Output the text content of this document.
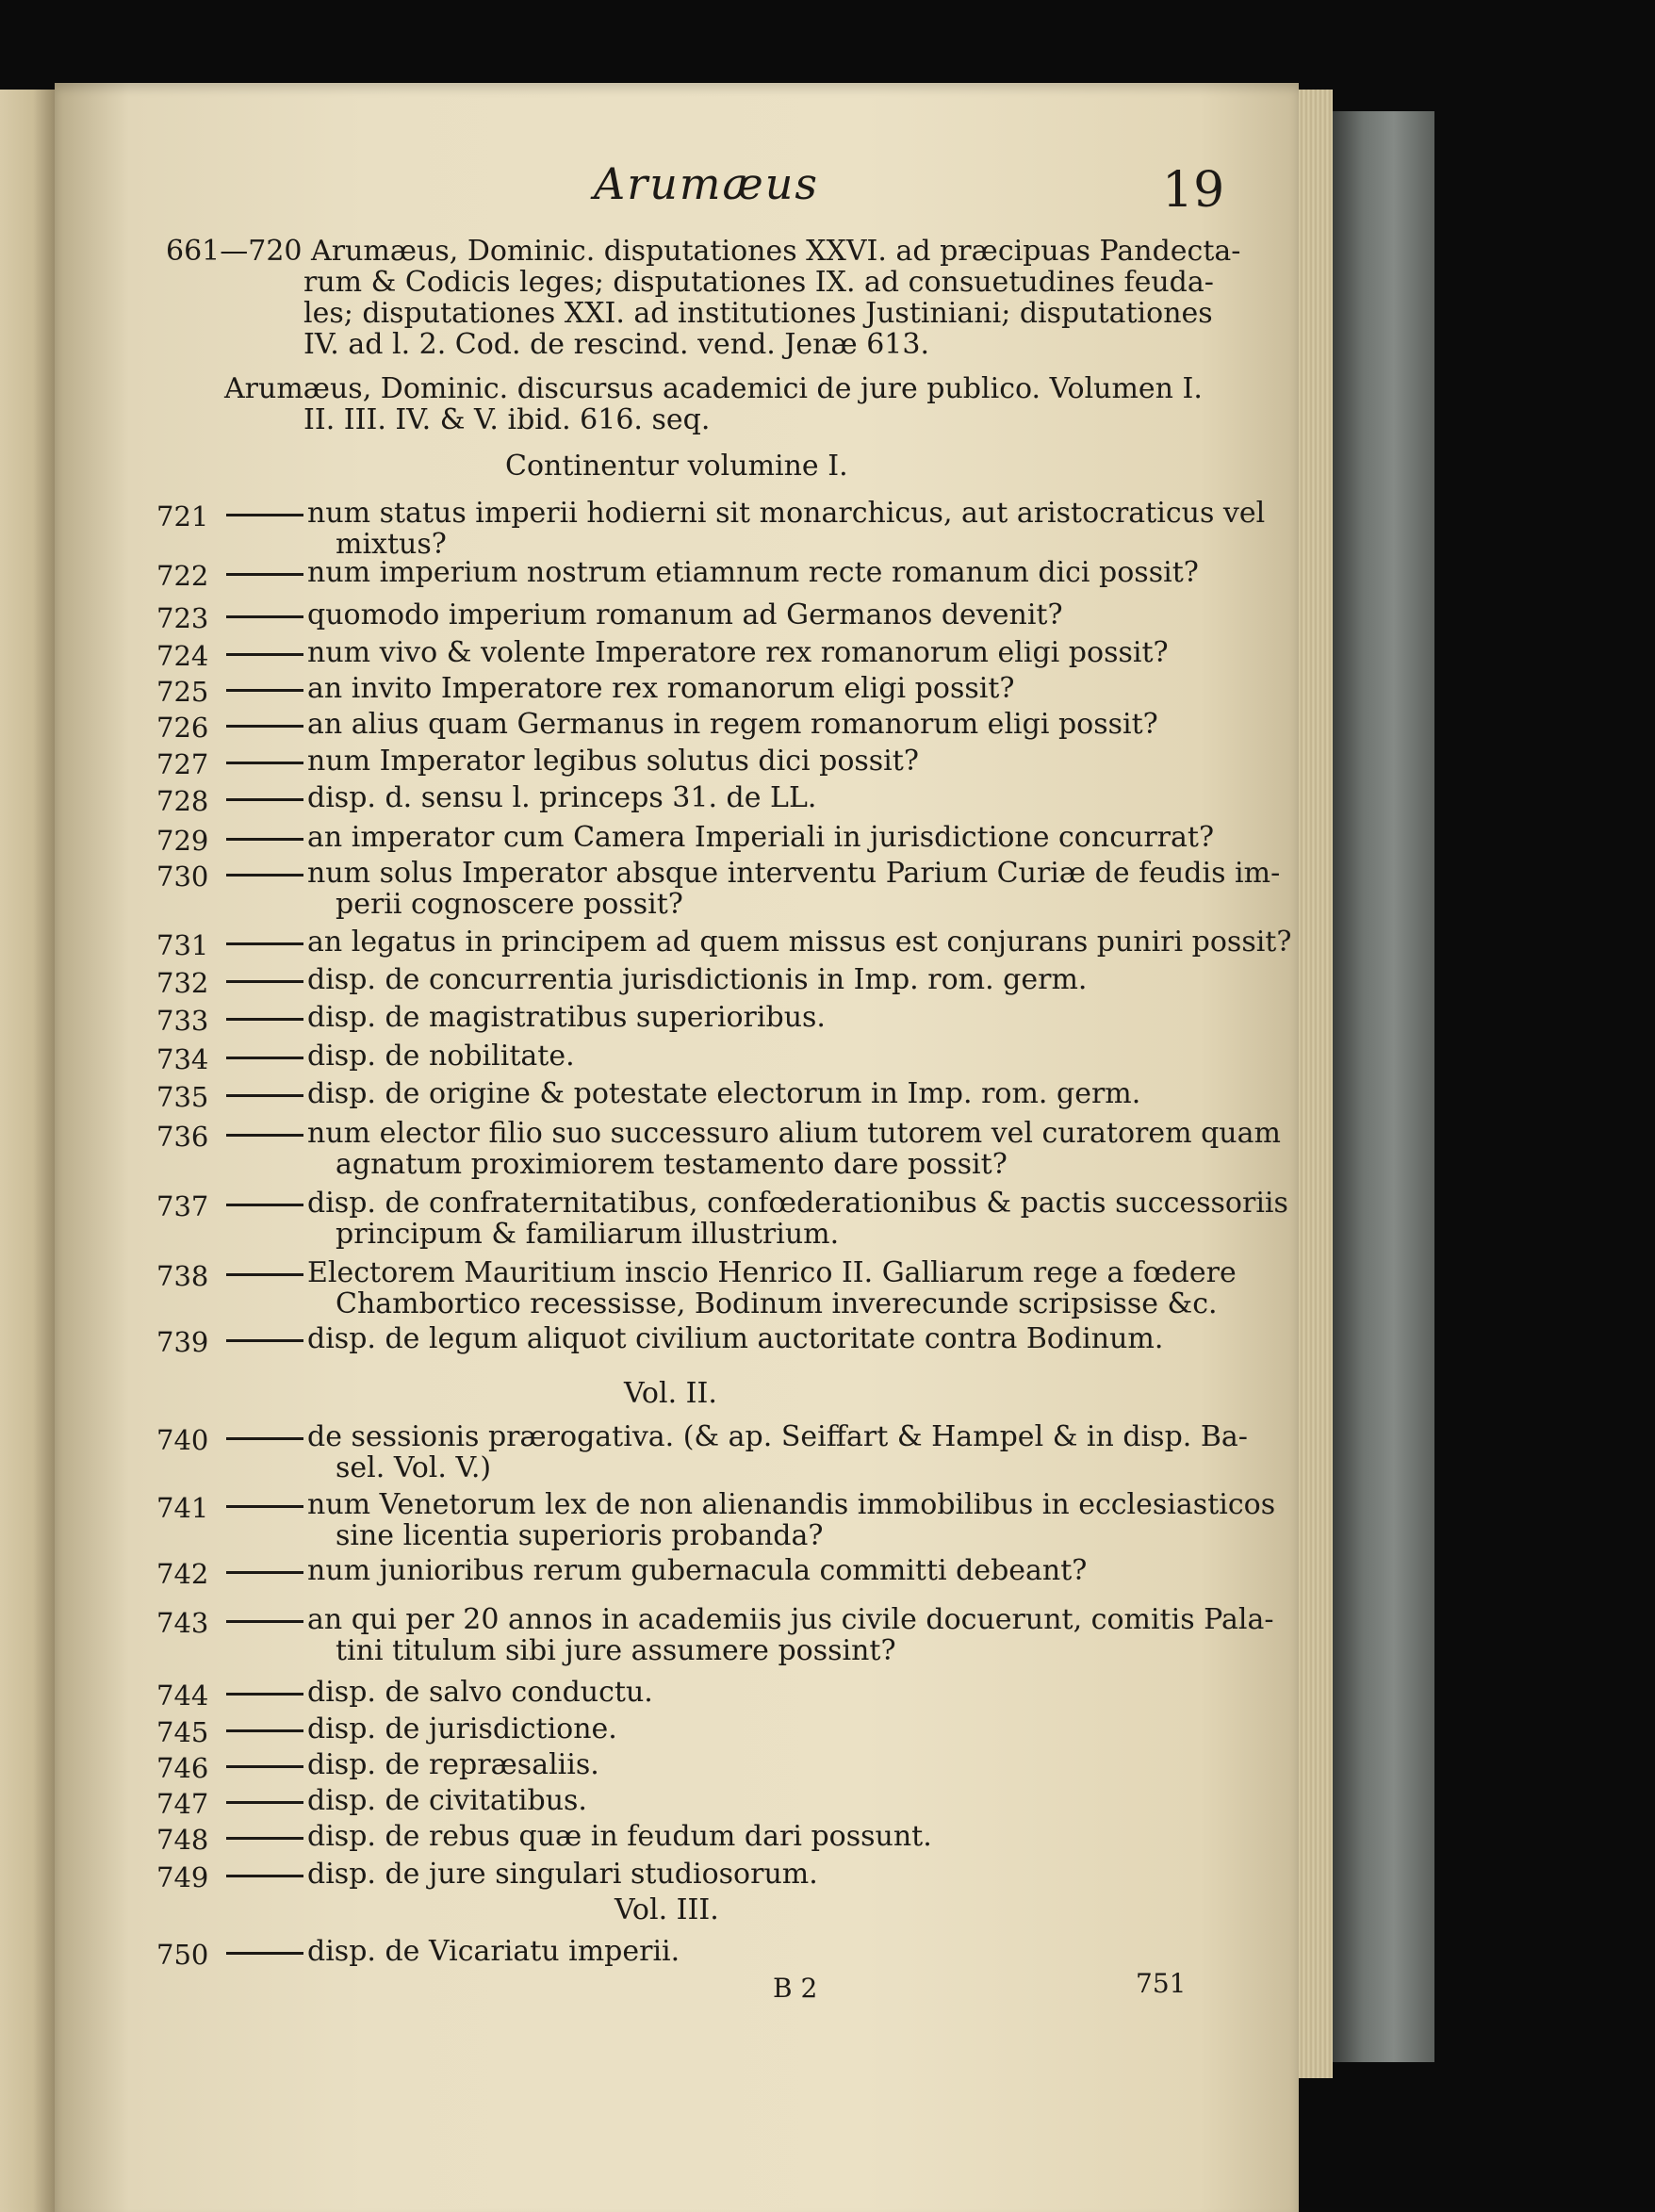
Arumæus	19
661—720 Arumæus, Dominic. disputationes XXVI. ad præcipuas Pandecta-
rum & Codicis leges; disputationes IX. ad consuetudines feuda-
les; disputationes XXI. ad institutiones Justiniani; disputationes
IV. ad l. 2. Cod. de rescind. vend. Jenæ 613.
Arumæus, Dominic. discursus academici de jure publico. Volumen I.
II. III. IV. & V. ibid. 616. seq.
Continentur volumine I.
721	num status imperii hodierni sit monarchicus, aut aristocraticus vel
mixtus?
722	num imperium nostrum etiamnum recte romanum dici possit?
723	quomodo imperium romanum ad Germanos devenit?
724	num vivo & volente Imperatore rex romanorum eligi possit?
725	an invito Imperatore rex romanorum eligi possit?
726	an alius quam Germanus in regem romanorum eligi possit?
727	num Imperator legibus solutus dici possit?
728	disp. d. sensu l. princeps 31. de LL.
729	an imperator cum Camera Imperiali in jurisdictione concurrat?
730	num solus Imperator absque interventu Parium Curiæ de feudis im-
perii cognoscere possit?
731	an legatus in principem ad quem missus est conjurans puniri possit?
732	disp. de concurrentia jurisdictionis in Imp. rom. germ.
733	disp. de magistratibus superioribus.
734	disp. de nobilitate.
735	disp. de origine & potestate electorum in Imp. rom. germ.
736	num elector filio suo successuro alium tutorem vel curatorem quam
agnatum proximiorem testamento dare possit?
737	disp. de confraternitatibus, confœderationibus & pactis successoriis
principum & familiarum illustrium.
738	Electorem Mauritium inscio Henrico II. Galliarum rege a fœdere
Chambortico recessisse, Bodinum inverecunde scripsisse &c.
739	disp. de legum aliquot civilium auctoritate contra Bodinum.
740	de sessionis prærogativa. (& ap. Seiffart & Hampel & in disp. Ba-
sel. Vol. V.)
741	num Venetorum lex de non alienandis immobilibus in ecclesiasticos
sine licentia superioris probanda?
742	num junioribus rerum gubernacula committi debeant?
743	an qui per 20 annos in academiis jus civile docuerunt, comitis Pala-
tini titulum sibi jure assumere possint?
744	disp. de salvo conductu.
745	disp. de jurisdictione.
746	disp. de repræsaliis.
747	disp. de civitatibus.
748	disp. de rebus quæ in feudum dari possunt.
749	disp. de jure singulari studiosorum.
750	disp. de Vicariatu imperii.
Vol. II.
Vol. III.
B 2	751
